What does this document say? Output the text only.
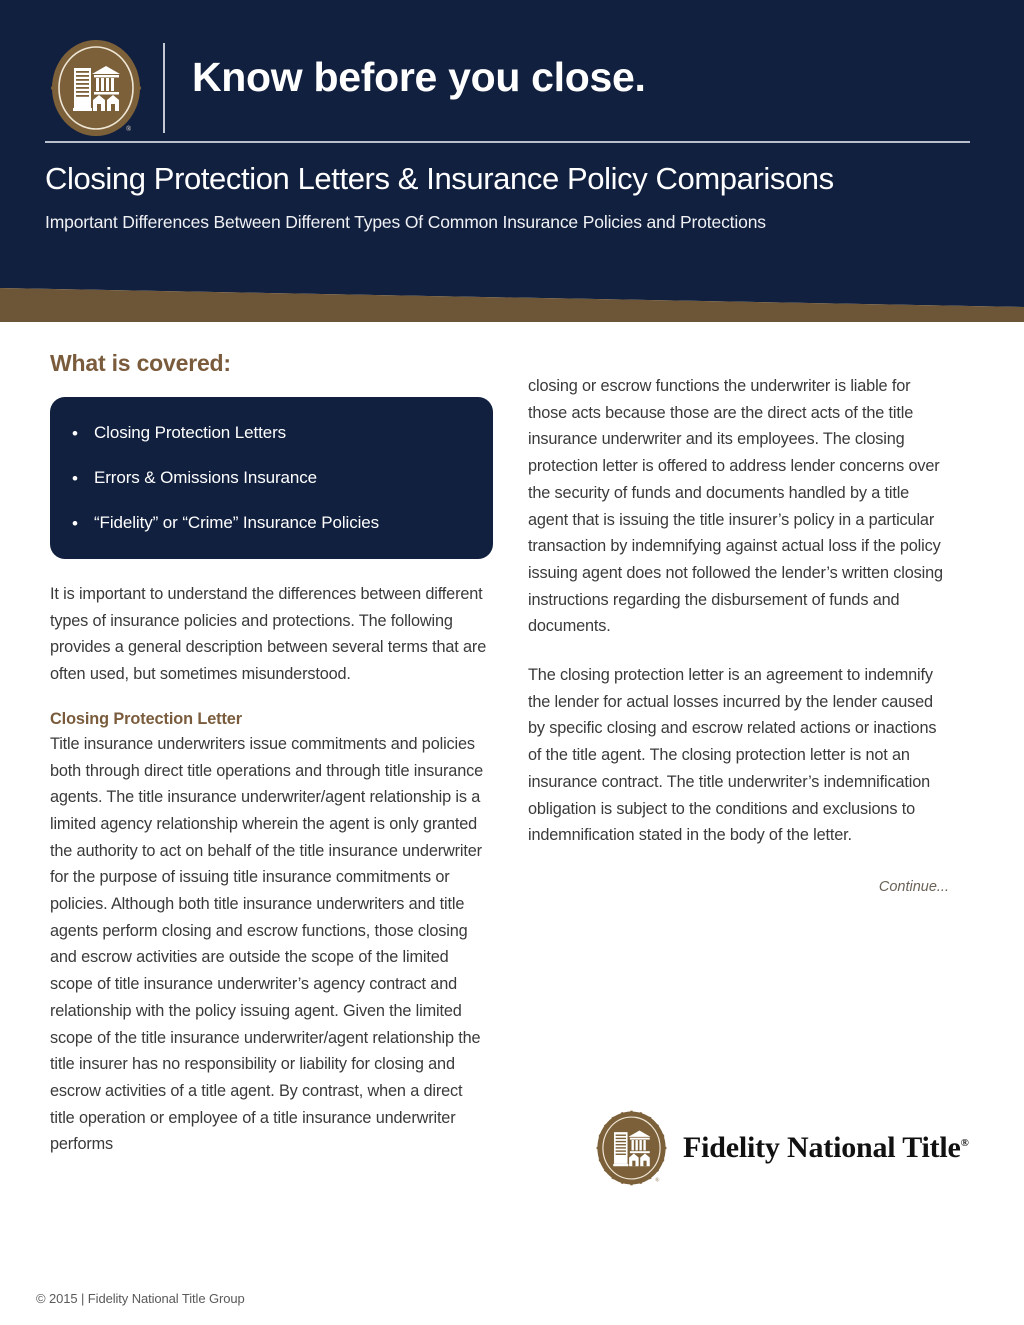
®
Know before you close.
Closing Protection Letters & Insurance Policy Comparisons
Important Differences Between Different Types Of Common Insurance Policies and Protections
What is covered:
• Closing Protection Letters
• Errors & Omissions Insurance
• “Fidelity” or “Crime” Insurance Policies

It is important to understand the differences between different types of insurance policies and protections. The following provides a general description between several terms that are often used, but sometimes misunderstood.

Closing Protection Letter

Title insurance underwriters issue commitments and policies both through direct title operations and through title insurance agents. The title insurance underwriter/agent relationship is a limited agency relationship wherein the agent is only granted the authority to act on behalf of the title insurance underwriter for the purpose of issuing title insurance commitments or policies. Although both title insurance underwriters and title agents perform closing and escrow functions, those closing and escrow activities are outside the scope of the limited scope of title insurance underwriter’s agency contract and relationship with the policy issuing agent. Given the limited scope of the title insurance underwriter/agent relationship the title insurer has no responsibility or liability for closing and escrow activities of a title agent. By contrast, when a direct title operation or employee of a title insurance underwriter performs

closing or escrow functions the underwriter is liable for those acts because those are the direct acts of the title insurance underwriter and its employees. The closing protection letter is offered to address lender concerns over the security of funds and documents handled by a title agent that is issuing the title insurer’s policy in a particular transaction by indemnifying against actual loss if the policy issuing agent does not followed the lender’s written closing instructions regarding the disbursement of funds and documents.

The closing protection letter is an agreement to indemnify the lender for actual losses incurred by the lender caused by specific closing and escrow related actions or inactions of the title agent. The closing protection letter is not an insurance contract. The title underwriter’s indemnification obligation is subject to the conditions and exclusions to indemnification stated in the body of the letter.

Continue...
®
Fidelity National Title®
© 2015 | Fidelity National Title Group
